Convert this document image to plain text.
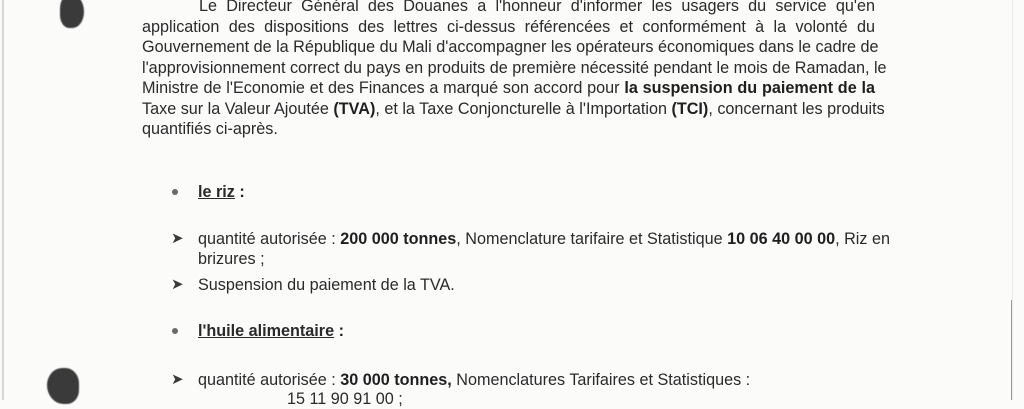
Le Directeur Général des Douanes a l'honneur d'informer les usagers du service qu'en
application des dispositions des lettres ci-dessus référencées et conformément à la volonté du
Gouvernement de la République du Mali d'accompagner les opérateurs économiques dans le cadre de
l'approvisionnement correct du pays en produits de première nécessité pendant le mois de Ramadan, le
Ministre de l'Economie et des Finances a marqué son accord pour la suspension du paiement de la
Taxe sur la Valeur Ajoutée (TVA), et la Taxe Conjoncturelle à l'Importation (TCI), concernant les produits
quantifiés ci-après.
le riz :
➤ quantité autorisée : 200 000 tonnes, Nomenclature tarifaire et Statistique 10 06 40 00 00, Riz en
brizures ;
➤ Suspension du paiement de la TVA.
l'huile alimentaire :
➤ quantité autorisée : 30 000 tonnes, Nomenclatures Tarifaires et Statistiques :
15 11 90 91 00 ;
